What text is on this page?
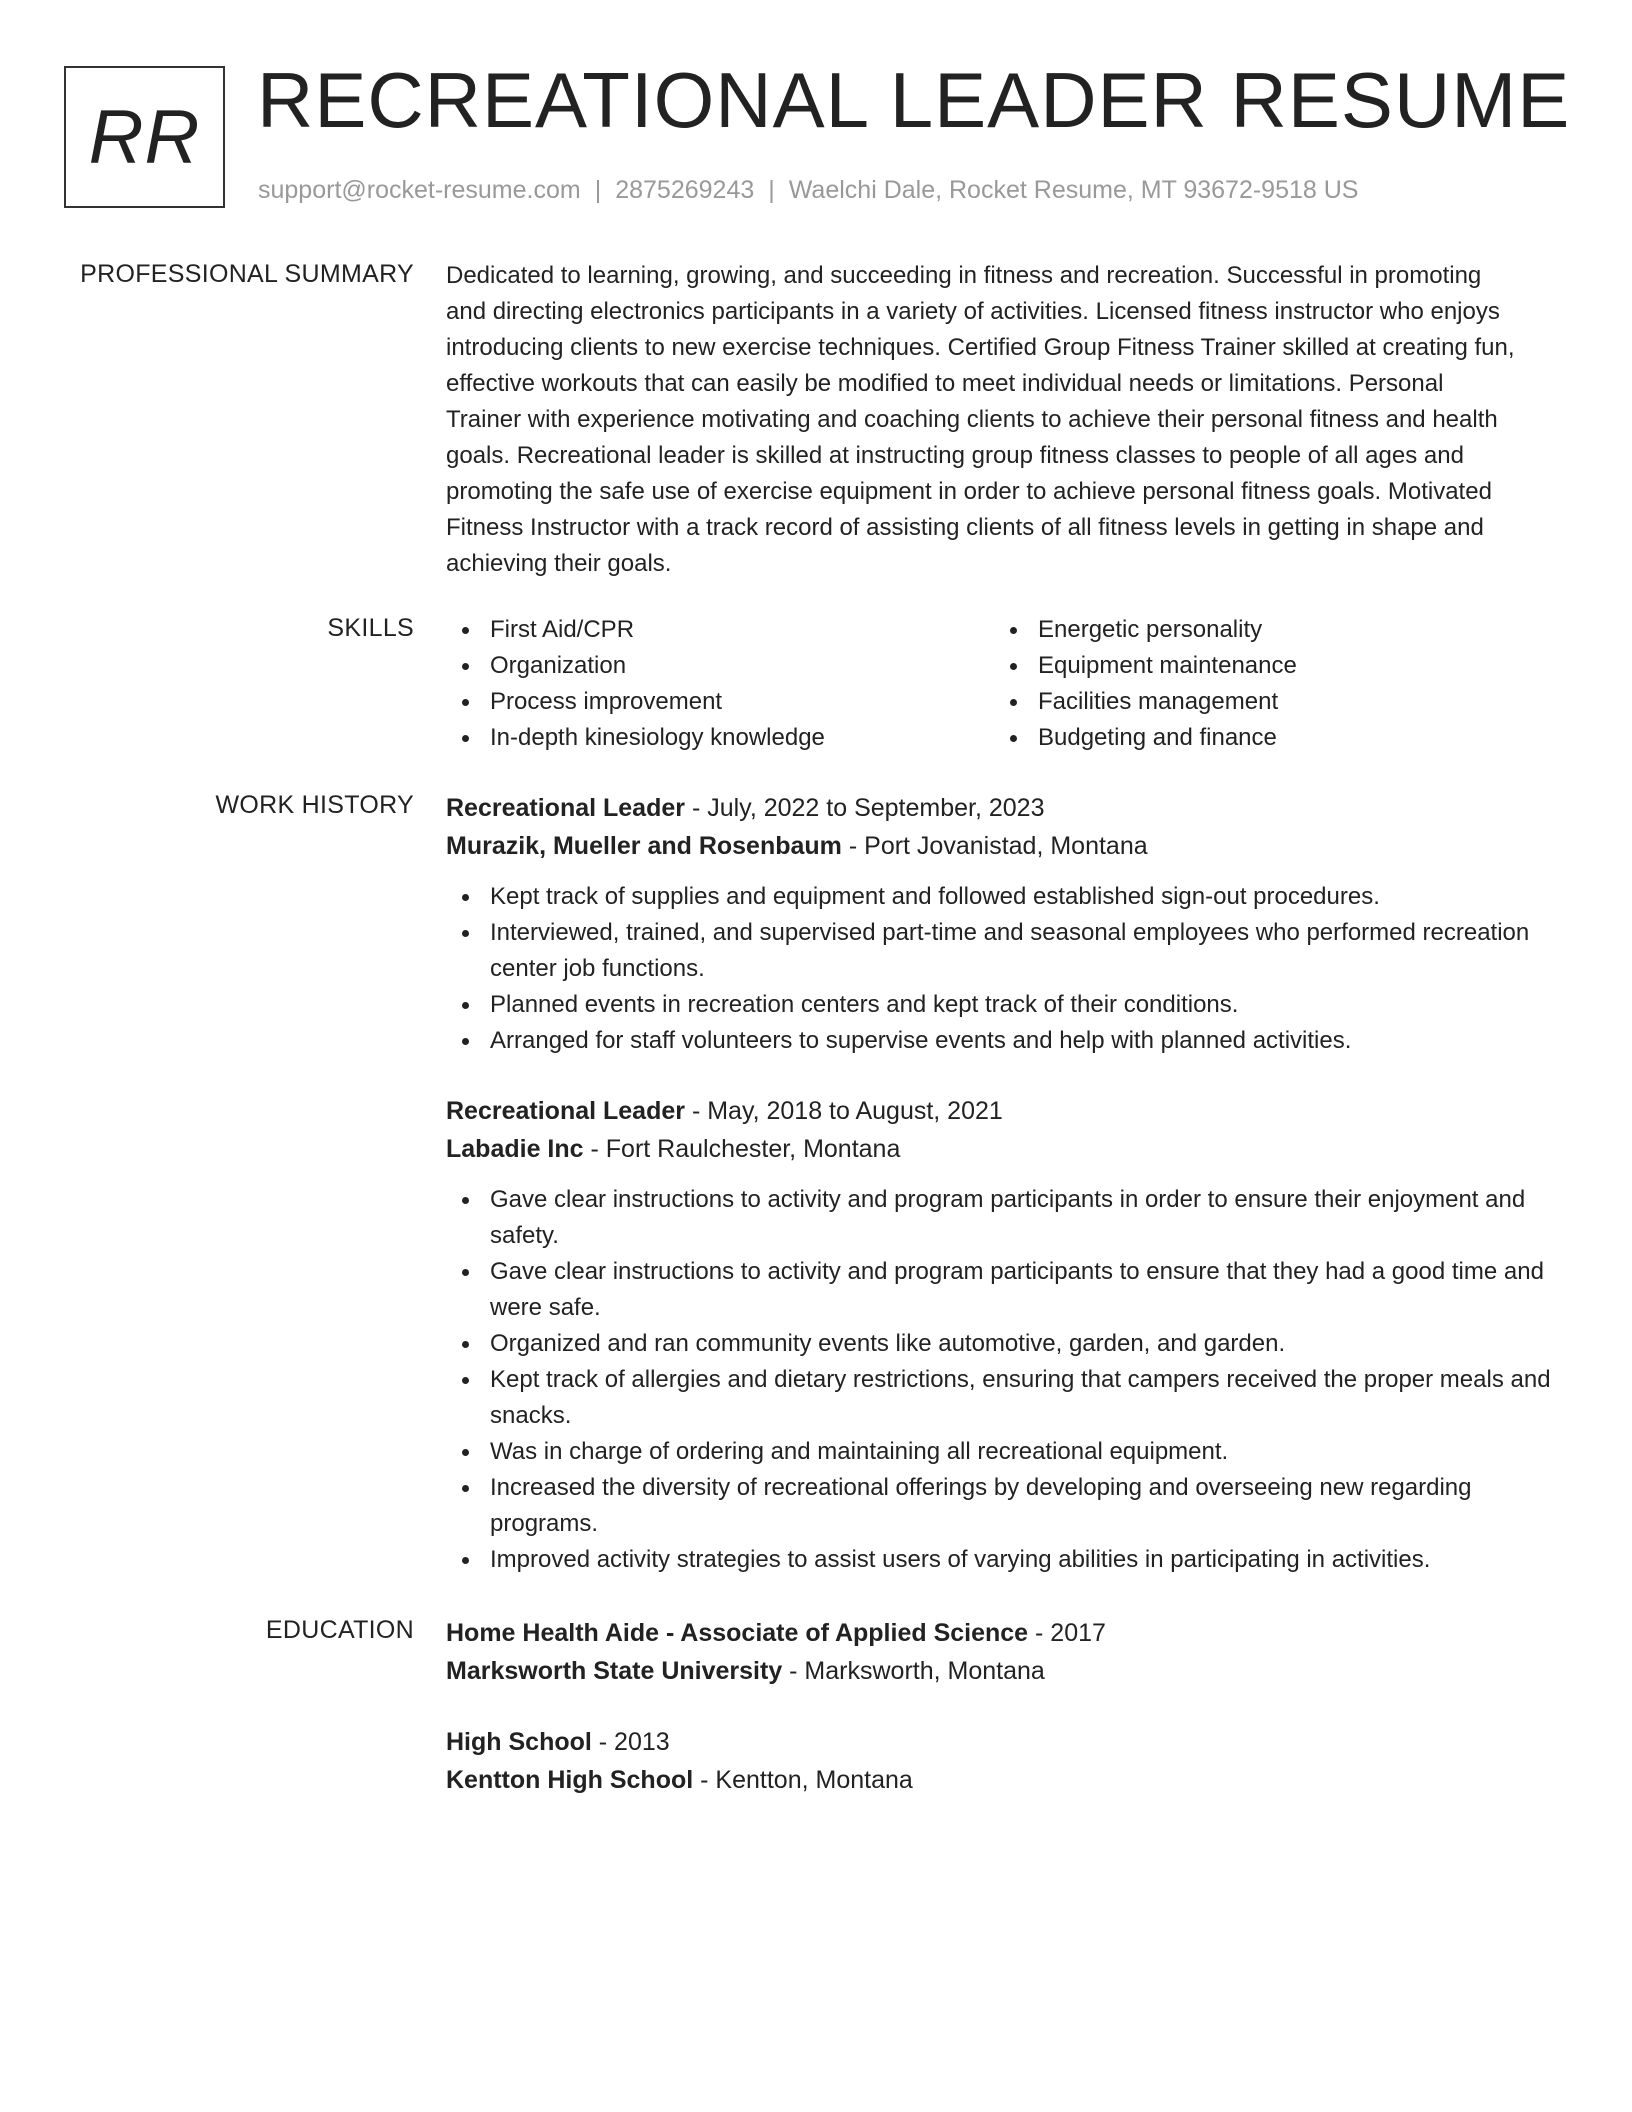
RR RECREATIONAL LEADER RESUME
support@rocket-resume.com | 2875269243 | Waelchi Dale, Rocket Resume, MT 93672-9518 US
PROFESSIONAL SUMMARY Dedicated to learning, growing, and succeeding in fitness and recreation. Successful in promoting
and directing electronics participants in a variety of activities. Licensed fitness instructor who enjoys
introducing clients to new exercise techniques. Certified Group Fitness Trainer skilled at creating fun,
effective workouts that can easily be modified to meet individual needs or limitations. Personal
Trainer with experience motivating and coaching clients to achieve their personal fitness and health
goals. Recreational leader is skilled at instructing group fitness classes to people of all ages and
promoting the safe use of exercise equipment in order to achieve personal fitness goals. Motivated
Fitness Instructor with a track record of assisting clients of all fitness levels in getting in shape and
achieving their goals.
SKILLS	First Aid/CPR
Organization
Process improvement
In-depth kinesiology knowledge
Energetic personality
Equipment maintenance
Facilities management
Budgeting and finance
WORK HISTORY Recreational Leader - July, 2022 to September, 2023
Murazik, Mueller and Rosenbaum - Port Jovanistad, Montana
Kept track of supplies and equipment and followed established sign-out procedures.
Interviewed, trained, and supervised part-time and seasonal employees who performed recreation center job functions.
Planned events in recreation centers and kept track of their conditions.
Arranged for staff volunteers to supervise events and help with planned activities.
Recreational Leader - May, 2018 to August, 2021
Labadie Inc - Fort Raulchester, Montana
Gave clear instructions to activity and program participants in order to ensure their enjoyment and safety.
Gave clear instructions to activity and program participants to ensure that they had a good time and were safe.
Organized and ran community events like automotive, garden, and garden.
Kept track of allergies and dietary restrictions, ensuring that campers received the proper meals and snacks.
Was in charge of ordering and maintaining all recreational equipment.
Increased the diversity of recreational offerings by developing and overseeing new regarding programs.
Improved activity strategies to assist users of varying abilities in participating in activities.
EDUCATION Home Health Aide - Associate of Applied Science - 2017
Marksworth State University - Marksworth, Montana
High School - 2013
Kentton High School - Kentton, Montana
